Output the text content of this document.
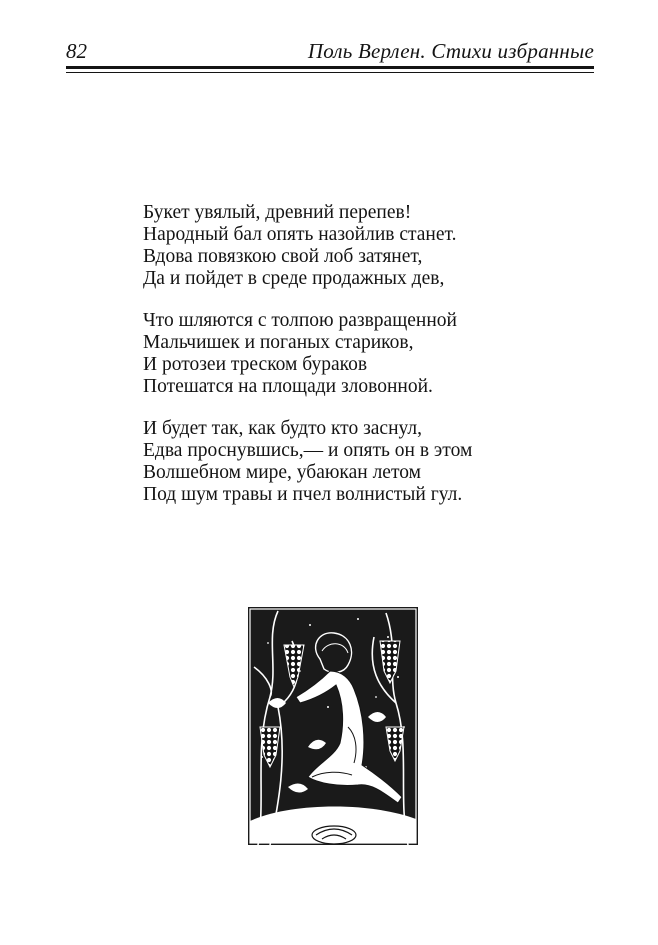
82	Поль Верлен. Стихи избранные
Букет увялый, древний перепев!
Народный бал опять назойлив станет.
Вдова повязкою свой лоб затянет,
Да и пойдет в среде продажных дев,
Что шляются с толпою развращенной
Мальчишек и поганых стариков,
И ротозеи треском бураков
Потешатся на площади зловонной.
И будет так, как будто кто заснул,
Едва проснувшись,— и опять он в этом
Волшебном мире, убаюкан летом
Под шум травы и пчел волнистый гул.
